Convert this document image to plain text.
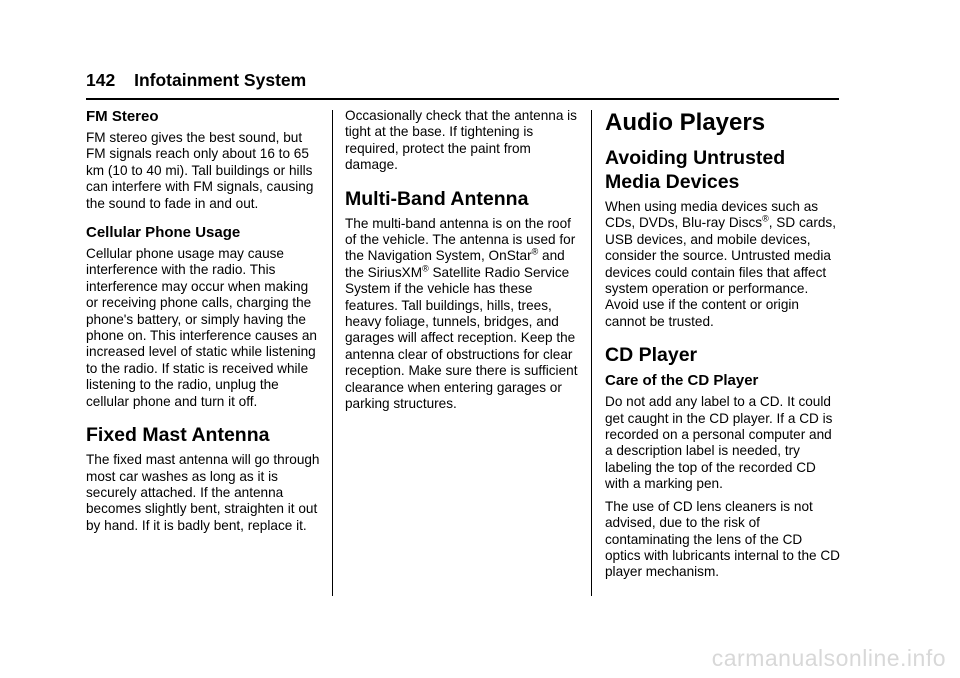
142 Infotainment System
FM Stereo

FM stereo gives the best sound, but FM signals reach only about 16 to 65 km (10 to 40 mi). Tall buildings or hills can interfere with FM signals, causing the sound to fade in and out.

Cellular Phone Usage

Cellular phone usage may cause interference with the radio. This interference may occur when making or receiving phone calls, charging the phone's battery, or simply having the phone on. This interference causes an increased level of static while listening to the radio. If static is received while listening to the radio, unplug the cellular phone and turn it off.

Fixed Mast Antenna

The fixed mast antenna will go through most car washes as long as it is securely attached. If the antenna becomes slightly bent, straighten it out by hand. If it is badly bent, replace it.

Occasionally check that the antenna is tight at the base. If tightening is required, protect the paint from damage.

Multi-Band Antenna

The multi-band antenna is on the roof of the vehicle. The antenna is used for the Navigation System, OnStar® and the SiriusXM® Satellite Radio Service System if the vehicle has these features. Tall buildings, hills, trees, heavy foliage, tunnels, bridges, and garages will affect reception. Keep the antenna clear of obstructions for clear reception. Make sure there is sufficient clearance when entering garages or parking structures.

Audio Players
Avoiding Untrusted Media Devices

When using media devices such as CDs, DVDs, Blu-ray Discs®, SD cards, USB devices, and mobile devices, consider the source. Untrusted media devices could contain files that affect system operation or performance. Avoid use if the content or origin cannot be trusted.

CD Player
Care of the CD Player

Do not add any label to a CD. It could get caught in the CD player. If a CD is recorded on a personal computer and a description label is needed, try labeling the top of the recorded CD with a marking pen.

The use of CD lens cleaners is not advised, due to the risk of contaminating the lens of the CD optics with lubricants internal to the CD player mechanism.

carmanualsonline.info
